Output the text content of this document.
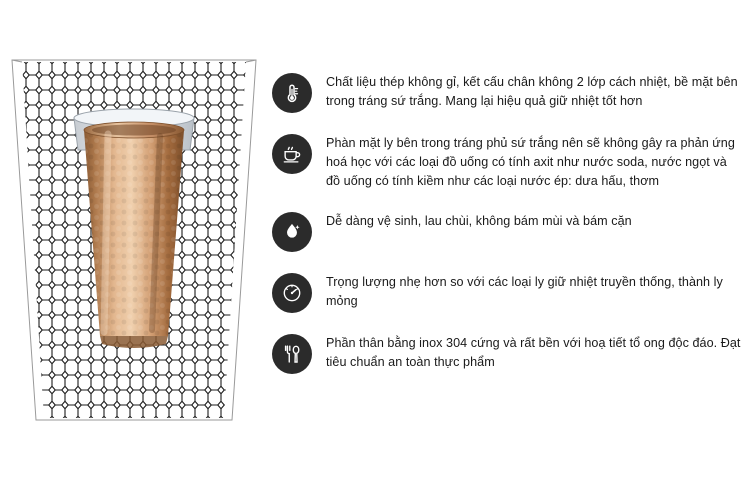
Chất liệu thép không gỉ, kết cấu chân không 2 lớp cách nhiệt, bề mặt bên trong tráng sứ trắng. Mang lại hiệu quả giữ nhiệt tốt hơn
Phàn mặt ly bên trong tráng phủ sứ trắng nên sẽ không gây ra phản ứng hoá học với các loại đồ uống có tính axit như nước soda, nước ngọt và đồ uống có tính kiềm như các loại nước ép: dưa hấu, thơm
Dễ dàng vệ sinh, lau chùi, không bám mùi và bám cặn
Trọng lượng nhẹ hơn so với các loại ly giữ nhiệt truyền thống, thành ly mỏng
Phần thân bằng inox 304 cứng và rất bền với hoạ tiết tổ ong độc đáo. Đạt tiêu chuẩn an toàn thực phẩm
